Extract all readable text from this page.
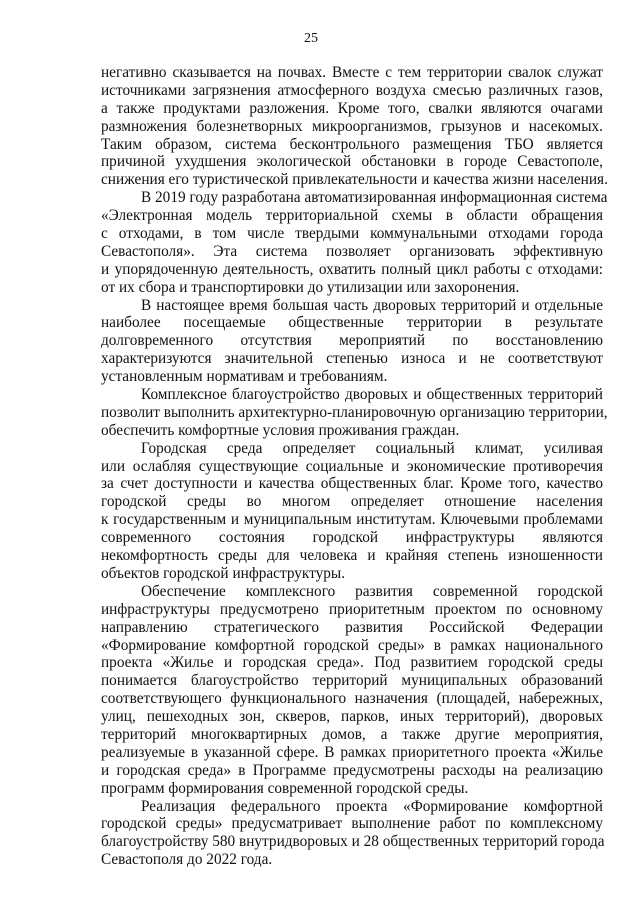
25
негативно сказывается на почвах. Вместе с тем территории свалок служат
источниками загрязнения атмосферного воздуха смесью различных газов,
а также продуктами разложения. Кроме того, свалки являются очагами
размножения болезнетворных микроорганизмов, грызунов и насекомых.
Таким образом, система бесконтрольного размещения ТБО является
причиной ухудшения экологической обстановки в городе Севастополе,
снижения его туристической привлекательности и качества жизни населения.
В 2019 году разработана автоматизированная информационная система
«Электронная модель территориальной схемы в области обращения
с отходами, в том числе твердыми коммунальными отходами города
Севастополя». Эта система позволяет организовать эффективную
и упорядоченную деятельность, охватить полный цикл работы с отходами:
от их сбора и транспортировки до утилизации или захоронения.
В настоящее время большая часть дворовых территорий и отдельные
наиболее посещаемые общественные территории в результате
долговременного отсутствия мероприятий по восстановлению
характеризуются значительной степенью износа и не соответствуют
установленным нормативам и требованиям.
Комплексное благоустройство дворовых и общественных территорий
позволит выполнить архитектурно-планировочную организацию территории,
обеспечить комфортные условия проживания граждан.
Городская среда определяет социальный климат, усиливая
или ослабляя существующие социальные и экономические противоречия
за счет доступности и качества общественных благ. Кроме того, качество
городской среды во многом определяет отношение населения
к государственным и муниципальным институтам. Ключевыми проблемами
современного состояния городской инфраструктуры являются
некомфортность среды для человека и крайняя степень изношенности
объектов городской инфраструктуры.
Обеспечение комплексного развития современной городской
инфраструктуры предусмотрено приоритетным проектом по основному
направлению стратегического развития Российской Федерации
«Формирование комфортной городской среды» в рамках национального
проекта «Жилье и городская среда». Под развитием городской среды
понимается благоустройство территорий муниципальных образований
соответствующего функционального назначения (площадей, набережных,
улиц, пешеходных зон, скверов, парков, иных территорий), дворовых
территорий многоквартирных домов, а также другие мероприятия,
реализуемые в указанной сфере. В рамках приоритетного проекта «Жилье
и городская среда» в Программе предусмотрены расходы на реализацию
программ формирования современной городской среды.
Реализация федерального проекта «Формирование комфортной
городской среды» предусматривает выполнение работ по комплексному
благоустройству 580 внутридворовых и 28 общественных территорий города
Севастополя до 2022 года.
